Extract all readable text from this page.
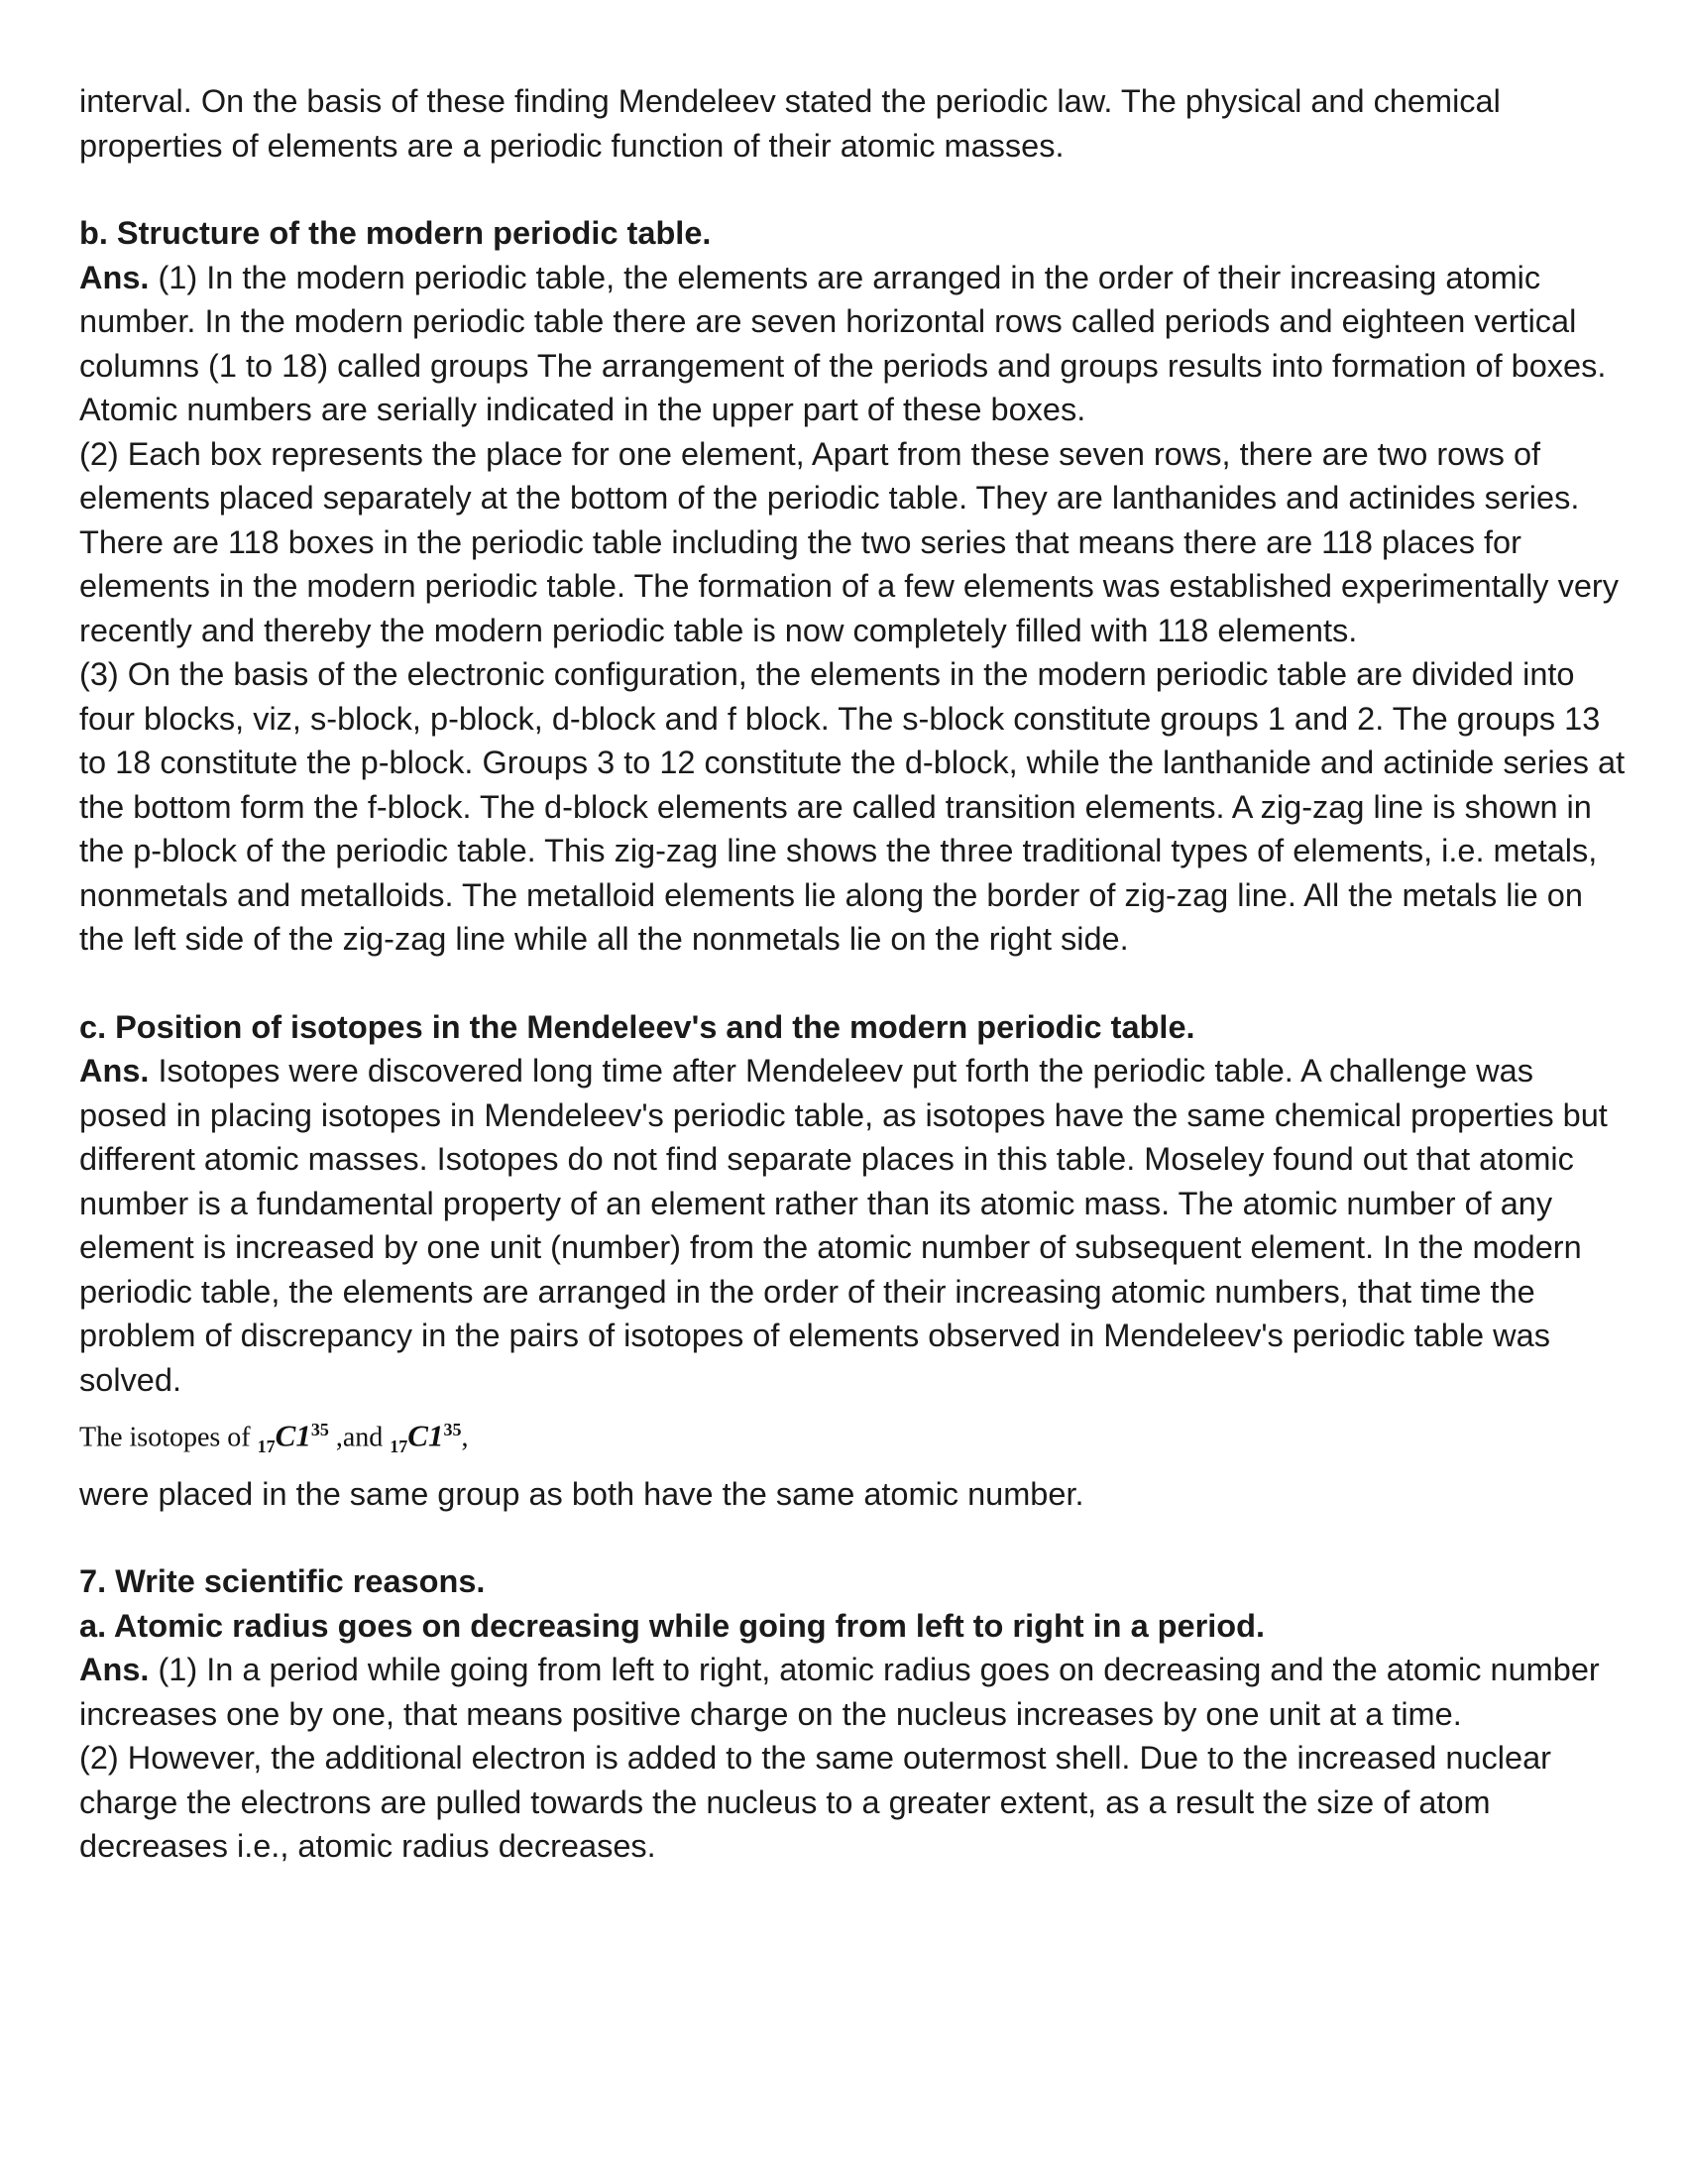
interval. On the basis of these finding Mendeleev stated the periodic law. The physical and chemical properties of elements are a periodic function of their atomic masses.

b. Structure of the modern periodic table.

Ans. (1) In the modern periodic table, the elements are arranged in the order of their increasing atomic number. In the modern periodic table there are seven horizontal rows called periods and eighteen vertical columns (1 to 18) called groups The arrangement of the periods and groups results into formation of boxes. Atomic numbers are serially indicated in the upper part of these boxes.

(2) Each box represents the place for one element, Apart from these seven rows, there are two rows of elements placed separately at the bottom of the periodic table. They are lanthanides and actinides series. There are 118 boxes in the periodic table including the two series that means there are 118 places for elements in the modern periodic table. The formation of a few elements was established experimentally very recently and thereby the modern periodic table is now completely filled with 118 elements.

(3) On the basis of the electronic configuration, the elements in the modern periodic table are divided into four blocks, viz, s-block, p-block, d-block and f block. The s-block constitute groups 1 and 2. The groups 13 to 18 constitute the p-block. Groups 3 to 12 constitute the d-block, while the lanthanide and actinide series at the bottom form the f-block. The d-block elements are called transition elements. A zig-zag line is shown in the p-block of the periodic table. This zig-zag line shows the three traditional types of elements, i.e. metals, nonmetals and metalloids. The metalloid elements lie along the border of zig-zag line. All the metals lie on the left side of the zig-zag line while all the nonmetals lie on the right side.

c. Position of isotopes in the Mendeleev's and the modern periodic table.

Ans. Isotopes were discovered long time after Mendeleev put forth the periodic table. A challenge was posed in placing isotopes in Mendeleev's periodic table, as isotopes have the same chemical properties but different atomic masses. Isotopes do not find separate places in this table. Moseley found out that atomic number is a fundamental property of an element rather than its atomic mass. The atomic number of any element is increased by one unit (number) from the atomic number of subsequent element. In the modern periodic table, the elements are arranged in the order of their increasing atomic numbers, that time the problem of discrepancy in the pairs of isotopes of elements observed in Mendeleev's periodic table was solved.

The isotopes of $_{17}C1^{35}$ ,and $_{17}C1^{35}$,

were placed in the same group as both have the same atomic number.

7. Write scientific reasons.

a. Atomic radius goes on decreasing while going from left to right in a period.

Ans. (1) In a period while going from left to right, atomic radius goes on decreasing and the atomic number increases one by one, that means positive charge on the nucleus increases by one unit at a time.

(2) However, the additional electron is added to the same outermost shell. Due to the increased nuclear charge the electrons are pulled towards the nucleus to a greater extent, as a result the size of atom decreases i.e., atomic radius decreases.
